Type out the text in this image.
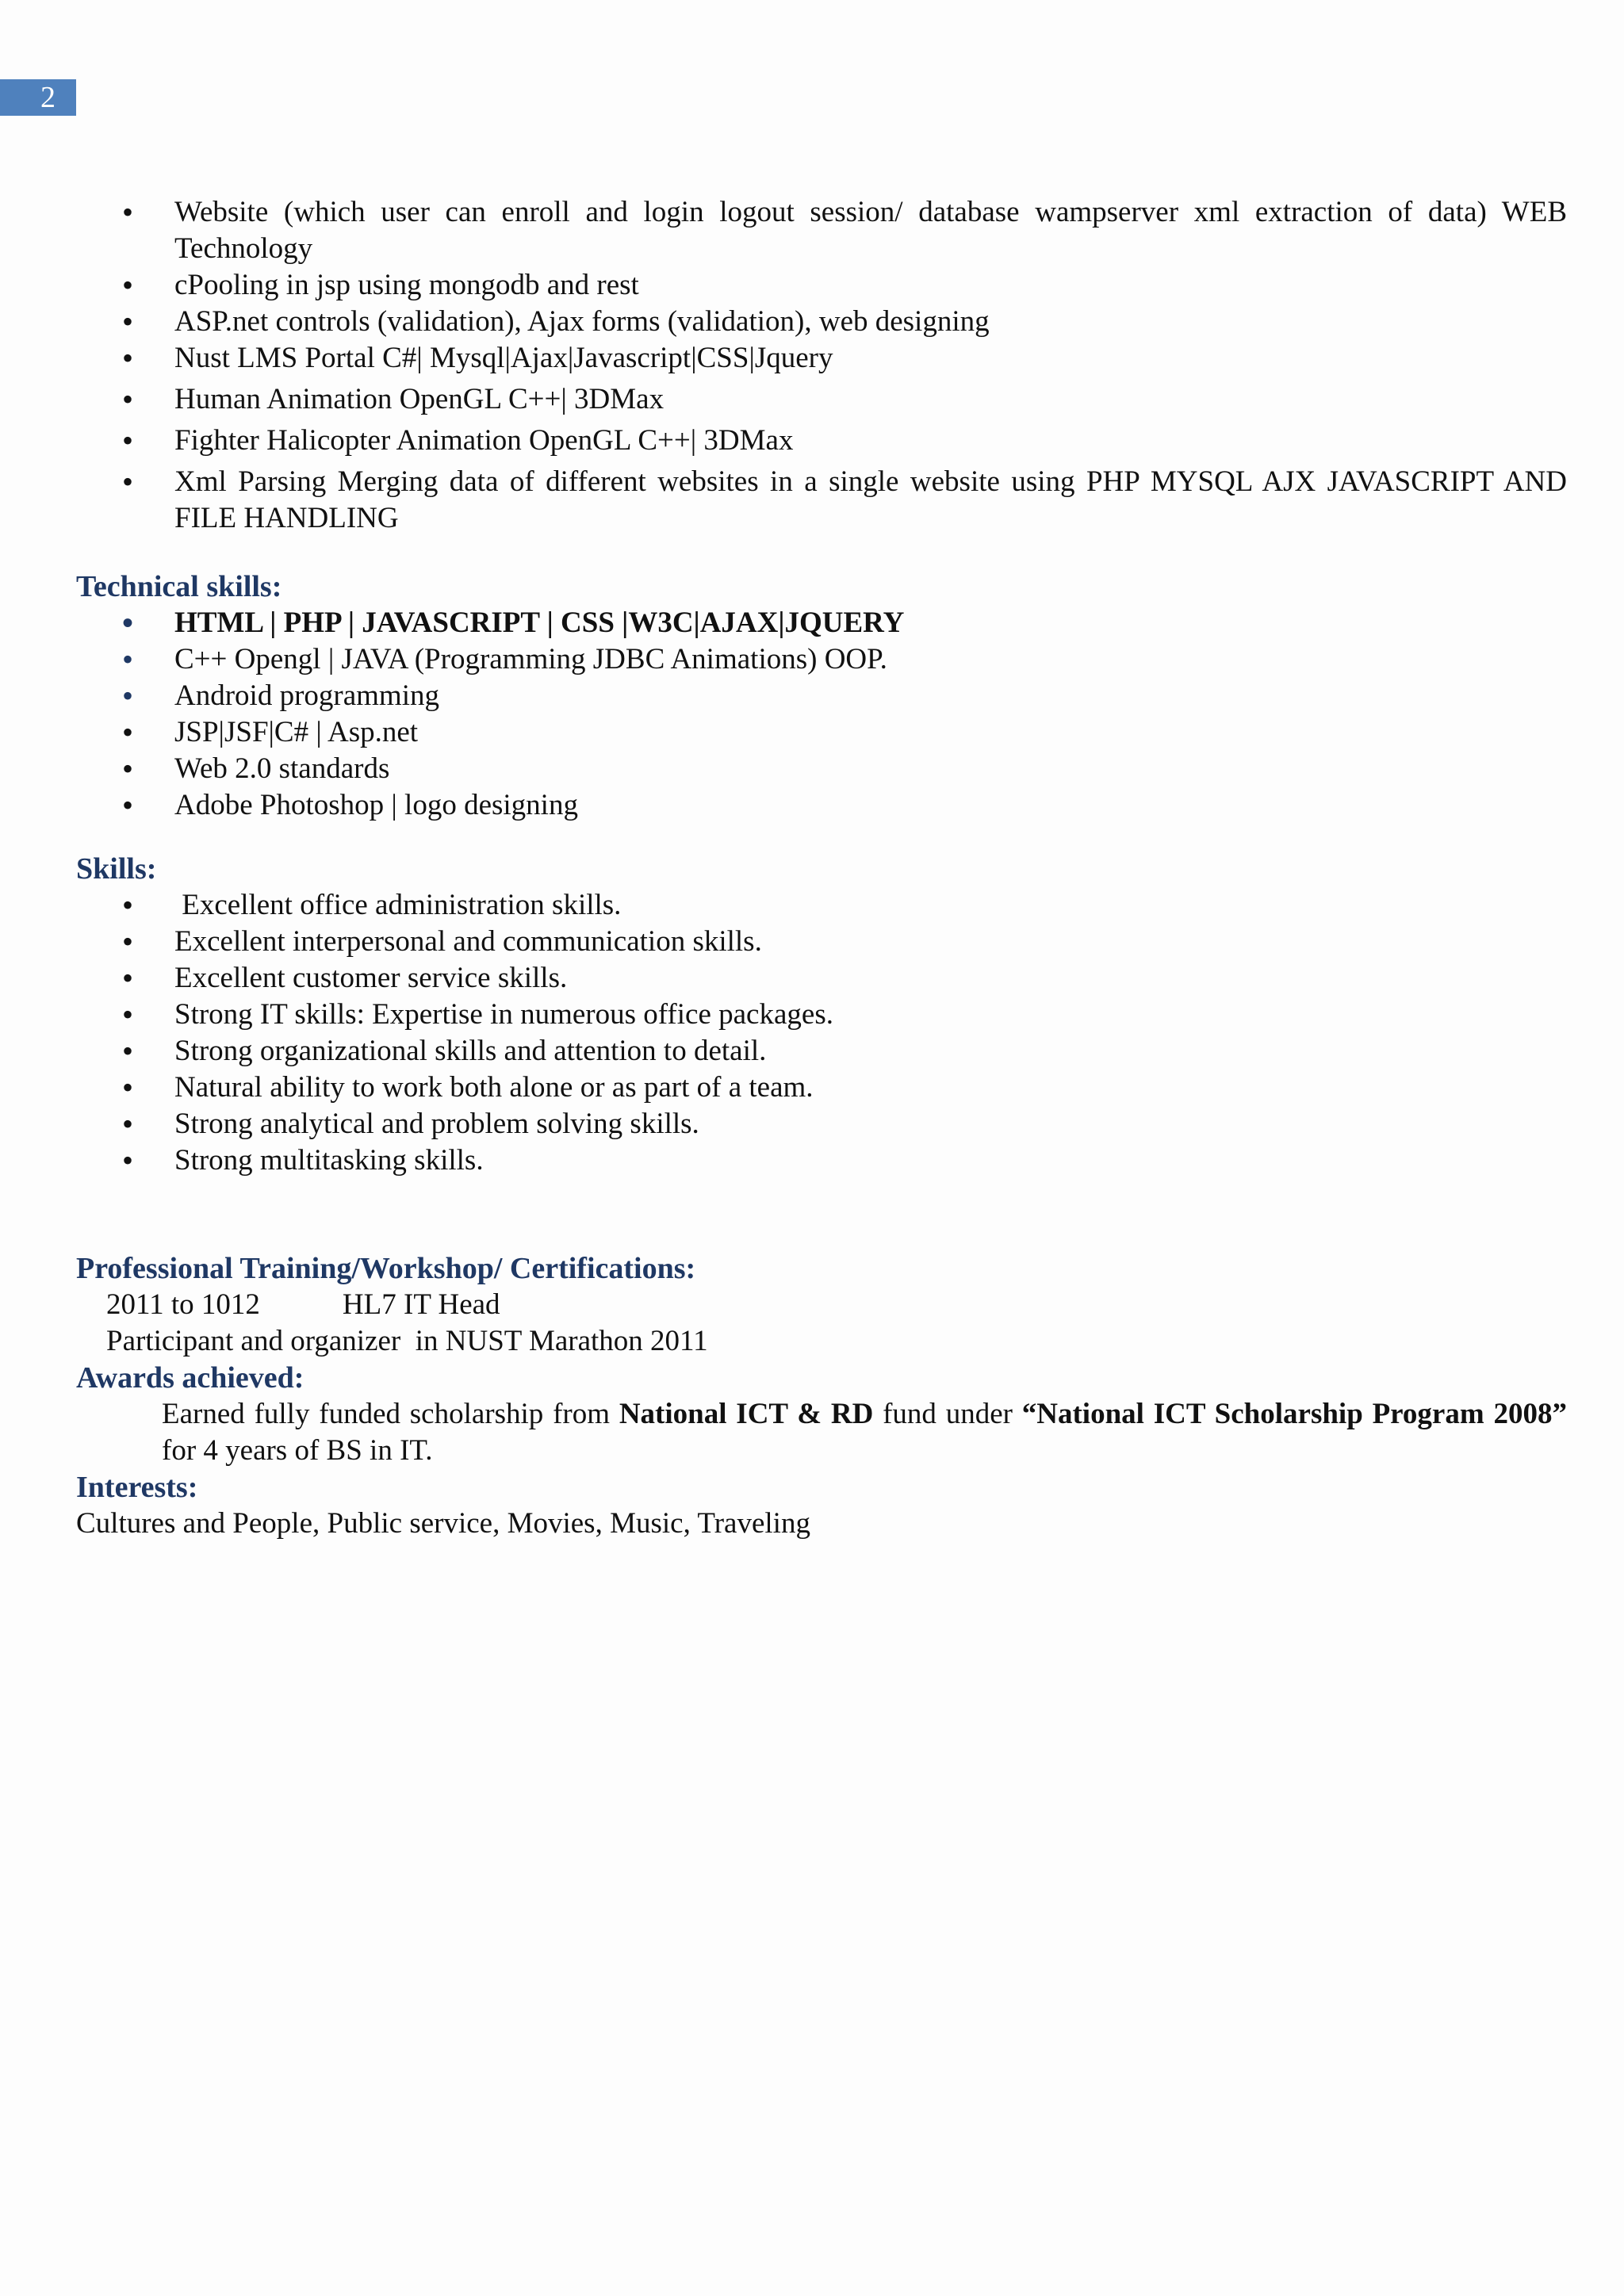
2
• Website (which user can enroll and login logout session/ database wampserver xml extraction of data) WEB Technology
• cPooling in jsp using mongodb and rest
• ASP.net controls (validation), Ajax forms (validation), web designing
• Nust LMS Portal C#| Mysql|Ajax|Javascript|CSS|Jquery
• Human Animation OpenGL C++| 3DMax
• Fighter Halicopter Animation OpenGL C++| 3DMax
• Xml Parsing Merging data of different websites in a single website using PHP MYSQL AJX JAVASCRIPT AND FILE HANDLING
Technical skills:
• HTML | PHP | JAVASCRIPT | CSS |W3C|AJAX|JQUERY
• C++ Opengl | JAVA (Programming JDBC Animations) OOP.
• Android programming
• JSP|JSF|C# | Asp.net
• Web 2.0 standards
• Adobe Photoshop | logo designing
Skills:
•  Excellent office administration skills.
• Excellent interpersonal and communication skills.
• Excellent customer service skills.
• Strong IT skills: Expertise in numerous office packages.
• Strong organizational skills and attention to detail.
• Natural ability to work both alone or as part of a team.
• Strong analytical and problem solving skills.
• Strong multitasking skills.
Professional Training/Workshop/ Certifications:
2011 to 1012	HL7 IT Head
Participant and organizer  in NUST Marathon 2011
Awards achieved:
Earned fully funded scholarship from National ICT & RD fund under “National ICT Scholarship Program 2008” for 4 years of BS in IT.
Interests:
Cultures and People, Public service, Movies, Music, Traveling
